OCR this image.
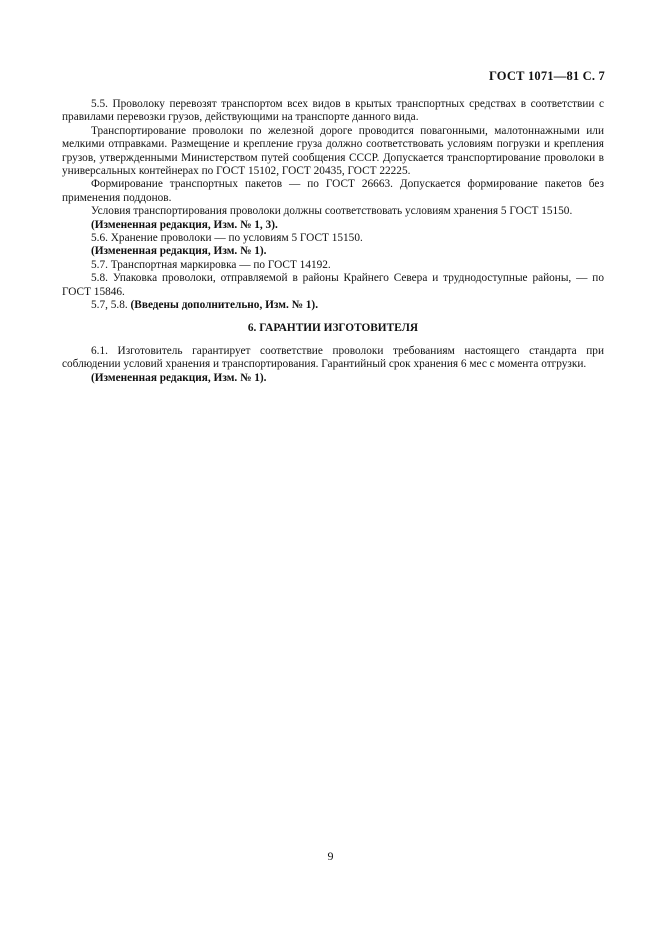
ГОСТ 1071—81 С. 7

5.5. Проволоку перевозят транспортом всех видов в крытых транспортных средствах в соответствии с правилами перевозки грузов, действующими на транспорте данного вида.

Транспортирование проволоки по железной дороге проводится повагонными, малотоннажными или мелкими отправками. Размещение и крепление груза должно соответствовать условиям погрузки и крепления грузов, утвержденными Министерством путей сообщения СССР. Допускается транспортирование проволоки в универсальных контейнерах по ГОСТ 15102, ГОСТ 20435, ГОСТ 22225.

Формирование транспортных пакетов — по ГОСТ 26663. Допускается формирование пакетов без применения поддонов.

Условия транспортирования проволоки должны соответствовать условиям хранения 5 ГОСТ 15150.

(Измененная редакция, Изм. № 1, 3).

5.6. Хранение проволоки — по условиям 5 ГОСТ 15150.

(Измененная редакция, Изм. № 1).

5.7. Транспортная маркировка — по ГОСТ 14192.

5.8. Упаковка проволоки, отправляемой в районы Крайнего Севера и труднодоступные районы, — по ГОСТ 15846.

5.7, 5.8. (Введены дополнительно, Изм. № 1).

6. ГАРАНТИИ ИЗГОТОВИТЕЛЯ

6.1. Изготовитель гарантирует соответствие проволоки требованиям настоящего стандарта при соблюдении условий хранения и транспортирования. Гарантийный срок хранения 6 мес с момента отгрузки.

(Измененная редакция, Изм. № 1).

9
